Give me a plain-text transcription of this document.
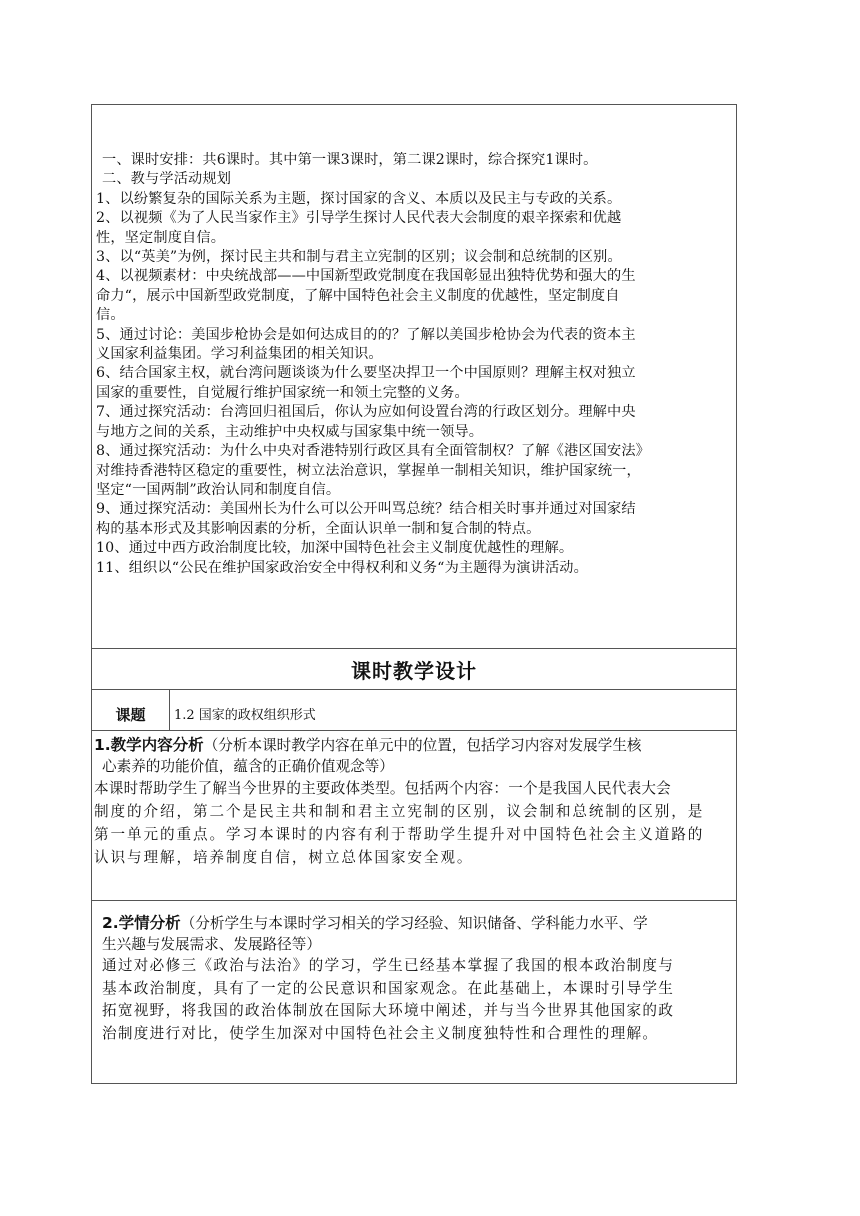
一、课时安排：共6课时。其中第一课3课时，第二课2课时，综合探究1课时。

二、教与学活动规划

1、以纷繁复杂的国际关系为主题，探讨国家的含义、本质以及民主与专政的关系。

2、以视频《为了人民当家作主》引导学生探讨人民代表大会制度的艰辛探索和优越

性，坚定制度自信。

3、以“英美”为例，探讨民主共和制与君主立宪制的区别；议会制和总统制的区别。

4、以视频素材：中央统战部——中国新型政党制度在我国彰显出独特优势和强大的生

命力“，展示中国新型政党制度，了解中国特色社会主义制度的优越性，坚定制度自

信。

5、通过讨论：美国步枪协会是如何达成目的的？了解以美国步枪协会为代表的资本主

义国家利益集团。学习利益集团的相关知识。

6、结合国家主权，就台湾问题谈谈为什么要坚决捍卫一个中国原则？理解主权对独立

国家的重要性，自觉履行维护国家统一和领土完整的义务。

7、通过探究活动：台湾回归祖国后，你认为应如何设置台湾的行政区划分。理解中央

与地方之间的关系，主动维护中央权威与国家集中统一领导。

8、通过探究活动：为什么中央对香港特别行政区具有全面管制权？了解《港区国安法》

对维持香港特区稳定的重要性，树立法治意识，掌握单一制相关知识，维护国家统一，

坚定“一国两制”政治认同和制度自信。

9、通过探究活动：美国州长为什么可以公开叫骂总统？结合相关时事并通过对国家结

构的基本形式及其影响因素的分析，全面认识单一制和复合制的特点。

10、通过中西方政治制度比较，加深中国特色社会主义制度优越性的理解。

11、组织以“公民在维护国家政治安全中得权利和义务“为主题得为演讲活动。

课时教学设计
课题	1.2 国家的政权组织形式

1.教学内容分析（分析本课时教学内容在单元中的位置，包括学习内容对发展学生核

心素养的功能价值，蕴含的正确价值观念等）

本课时帮助学生了解当今世界的主要政体类型。包括两个内容：一个是我国人民代表大会

制度的介绍，第二个是民主共和制和君主立宪制的区别，议会制和总统制的区别，是

第一单元的重点。学习本课时的内容有利于帮助学生提升对中国特色社会主义道路的

认识与理解，培养制度自信，树立总体国家安全观。

2.学情分析（分析学生与本课时学习相关的学习经验、知识储备、学科能力水平、学

生兴趣与发展需求、发展路径等）

通过对必修三《政治与法治》的学习，学生已经基本掌握了我国的根本政治制度与

基本政治制度，具有了一定的公民意识和国家观念。在此基础上，本课时引导学生

拓宽视野，将我国的政治体制放在国际大环境中阐述，并与当今世界其他国家的政

治制度进行对比，使学生加深对中国特色社会主义制度独特性和合理性的理解。
